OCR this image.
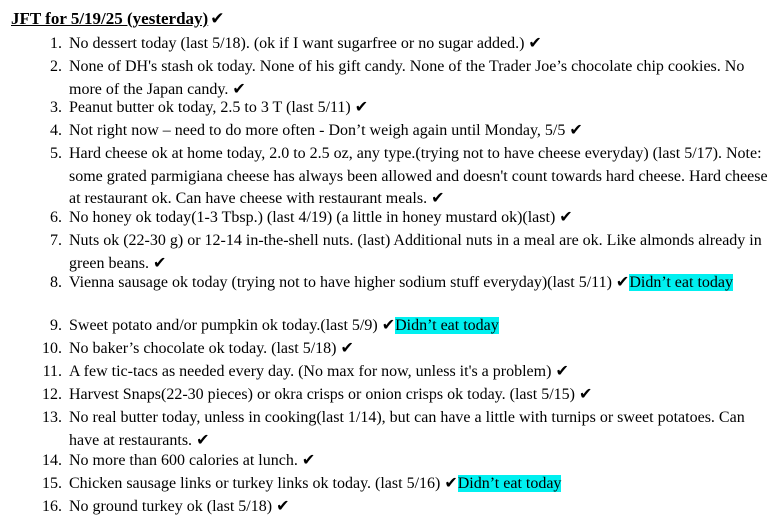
JFT for 5/19/25 (yesterday) ✔
1. No dessert today (last 5/18). (ok if I want sugarfree or no sugar added.) ✔
2. None of DH's stash ok today. None of his gift candy. None of the Trader Joe’s chocolate chip cookies. No more of the Japan candy. ✔
3. Peanut butter ok today, 2.5 to 3 T (last 5/11) ✔
4. Not right now – need to do more often - Don’t weigh again until Monday, 5/5 ✔
5. Hard cheese ok at home today, 2.0 to 2.5 oz, any type.(trying not to have cheese everyday) (last 5/17). Note: some grated parmigiana cheese has always been allowed and doesn't count towards hard cheese. Hard cheese at restaurant ok. Can have cheese with restaurant meals. ✔
6. No honey ok today(1-3 Tbsp.) (last 4/19) (a little in honey mustard ok)(last) ✔
7. Nuts ok (22-30 g) or 12-14 in-the-shell nuts. (last) Additional nuts in a meal are ok. Like almonds already in green beans. ✔
8. Vienna sausage ok today (trying not to have higher sodium stuff everyday)(last 5/11) ✔Didn’t eat today
9. Sweet potato and/or pumpkin ok today.(last 5/9) ✔Didn’t eat today
10. No baker’s chocolate ok today. (last 5/18) ✔
11. A few tic-tacs as needed every day. (No max for now, unless it's a problem) ✔
12. Harvest Snaps(22-30 pieces) or okra crisps or onion crisps ok today. (last 5/15) ✔
13. No real butter today, unless in cooking(last 1/14), but can have a little with turnips or sweet potatoes. Can have at restaurants. ✔
14. No more than 600 calories at lunch. ✔
15. Chicken sausage links or turkey links ok today. (last 5/16) ✔Didn’t eat today
16. No ground turkey ok (last 5/18) ✔
